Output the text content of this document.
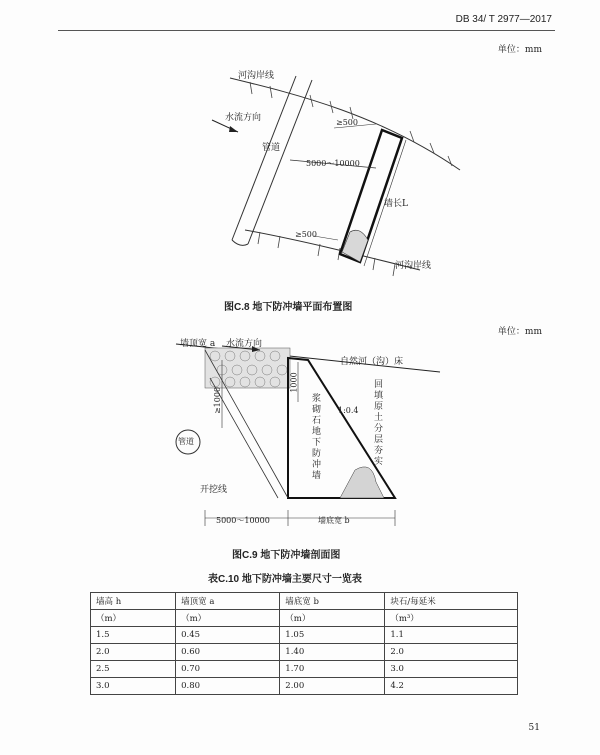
DB 34/ T 2977—2017
单位：mm
河沟岸线
河沟岸线
水流方向
管道
≥500
≥500
5000～10000
墙长L
图C.8 地下防冲墙平面布置图
单位：mm
墙顶宽 a 水流方向
自然河（沟）床
≥1000
1000
浆砌石地下防冲墙
1:0.4
回填原土分层夯实
管道
开挖线
5000～10000	墙底宽 b
图C.9 地下防冲墙剖面图
表C.10 地下防冲墙主要尺寸一览表
墙高 h	墙顶宽 a	墙底宽 b	块石/每延米
（m）	（m）	（m）	（m³）
1.5	0.45	1.05	1.1
2.0	0.60	1.40	2.0
2.5	0.70	1.70	3.0
3.0	0.80	2.00	4.2
51
